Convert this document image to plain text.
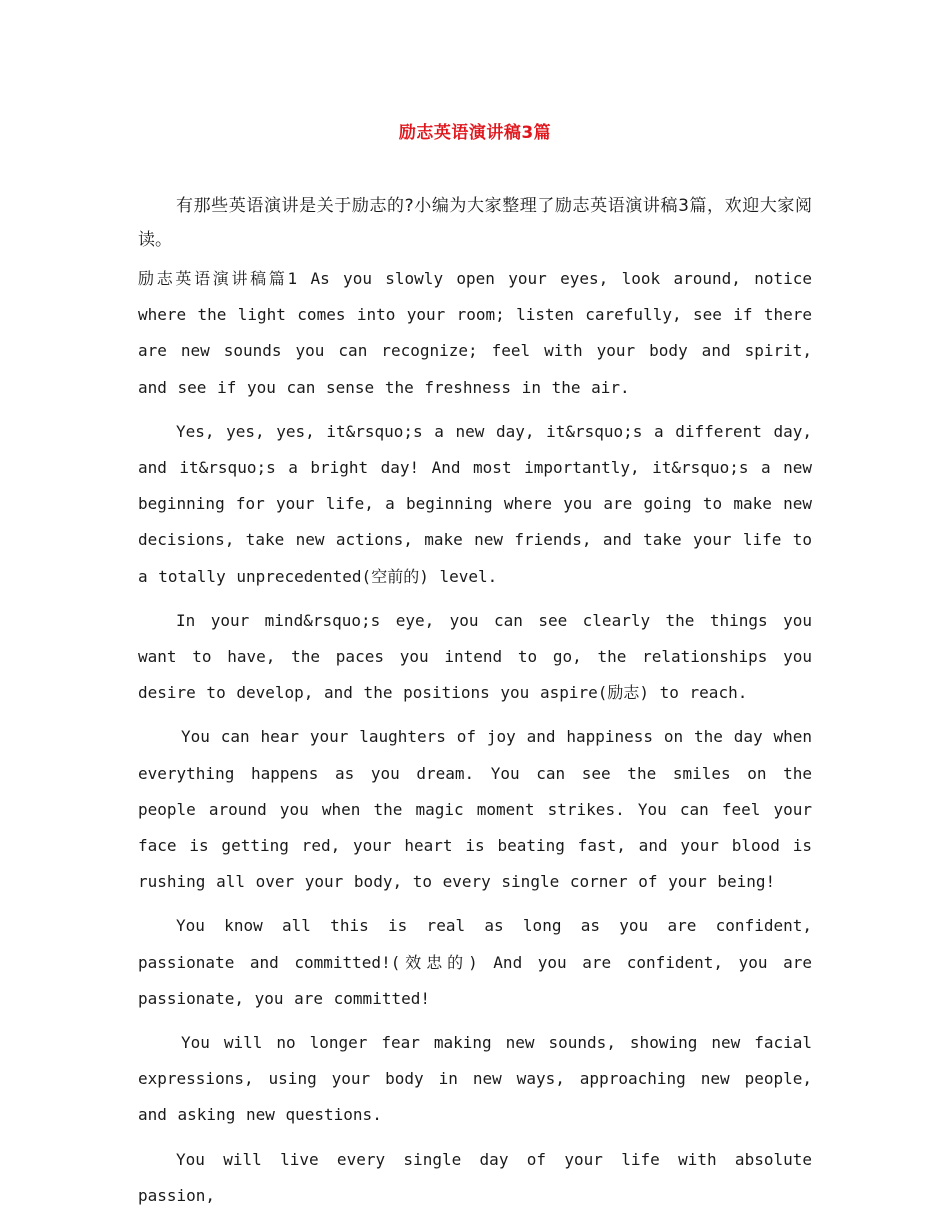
励志英语演讲稿3篇
有那些英语演讲是关于励志的?小编为大家整理了励志英语演讲稿3篇，欢迎大家阅读。
励志英语演讲稿篇1 As you slowly open your eyes, look around, notice where the light comes into your room; listen carefully, see if there are new sounds you can recognize; feel with your body and spirit, and see if you can sense the freshness in the air.
Yes, yes, yes, it&rsquo;s a new day, it&rsquo;s a different day, and it&rsquo;s a bright day! And most importantly, it&rsquo;s a new beginning for your life, a beginning where you are going to make new decisions, take new actions, make new friends, and take your life to a totally unprecedented(空前的) level.
In your mind&rsquo;s eye, you can see clearly the things you want to have, the paces you intend to go, the relationships you desire to develop, and the positions you aspire(励志) to reach.
You can hear your laughters of joy and happiness on the day when everything happens as you dream. You can see the smiles on the people around you when the magic moment strikes. You can feel your face is getting red, your heart is beating fast, and your blood is rushing all over your body, to every single corner of your being!
You know all this is real as long as you are confident, passionate and committed!(效忠的) And you are confident, you are passionate, you are committed!
You will no longer fear making new sounds, showing new facial expressions, using your body in new ways, approaching new people, and asking new questions.
You will live every single day of your life with absolute passion,
